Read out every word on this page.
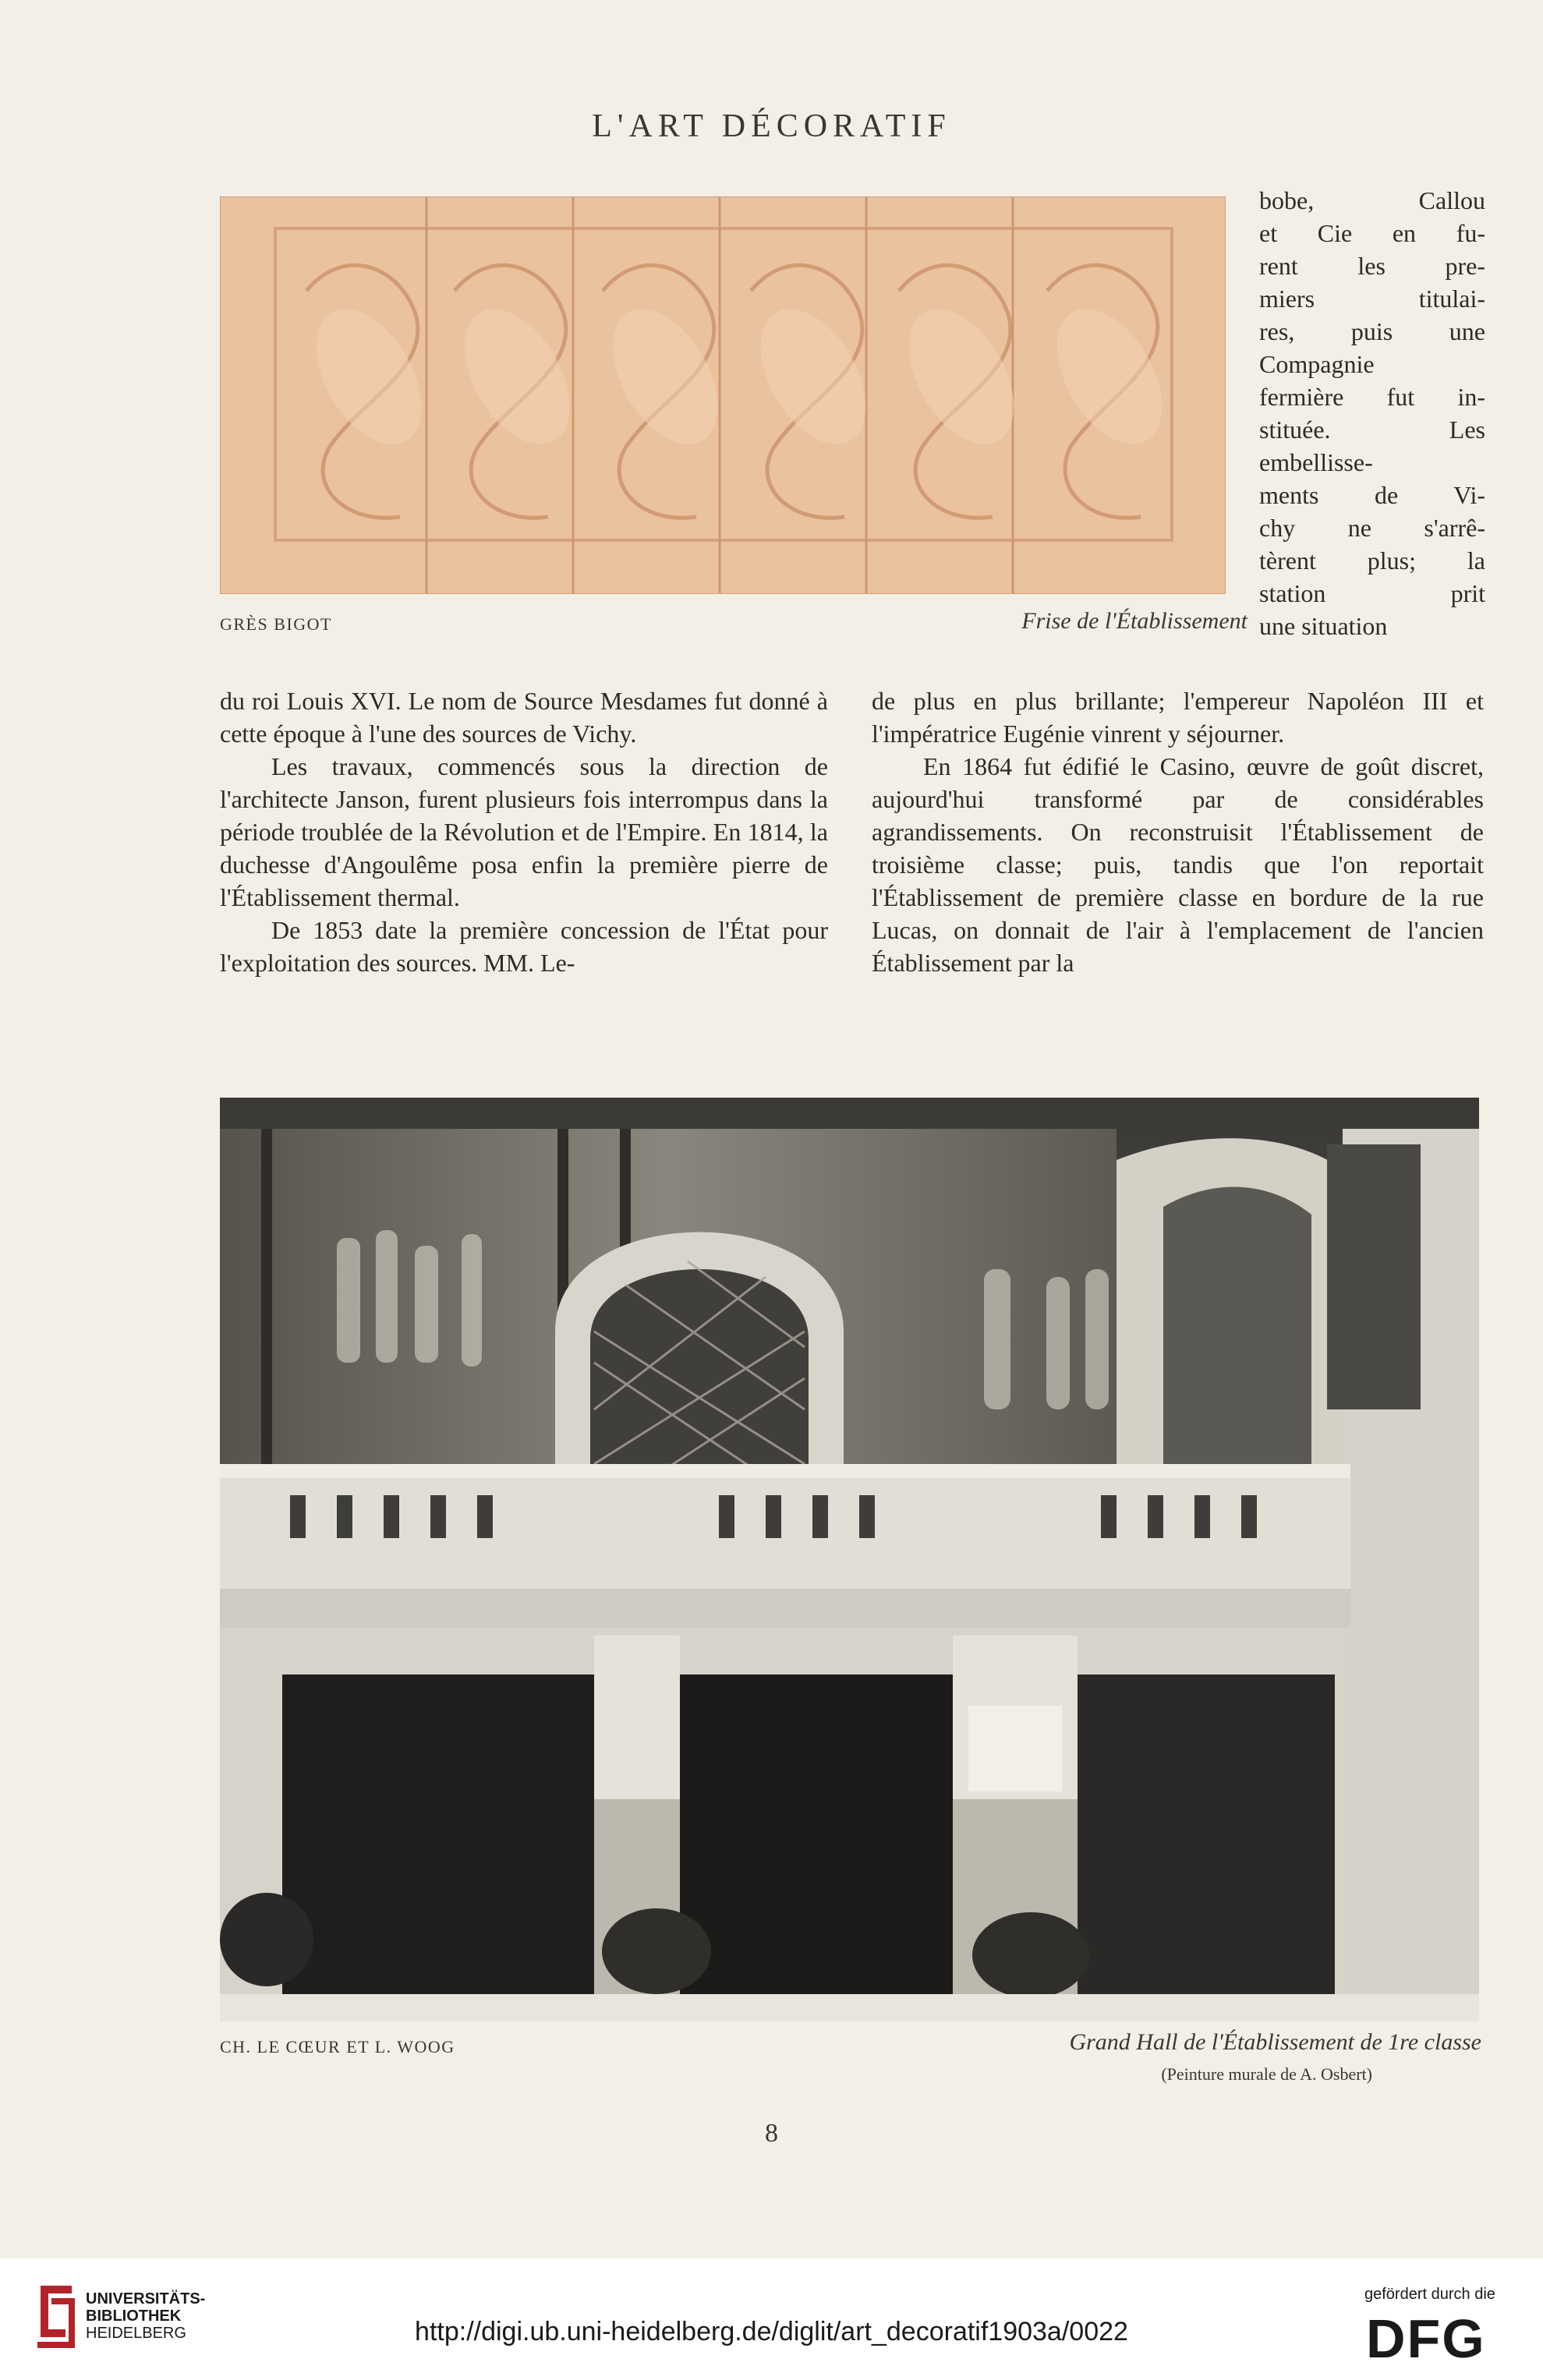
L'ART DÉCORATIF
GRÈS BIGOT	Frise de l'Établissement
bobe, Callou
et Cie en fu-
rent les pre-
miers titulai-
res, puis une
Compagnie
fermière fut in-
stituée. Les
embellisse-
ments de Vi-
chy ne s'arrê-
tèrent plus; la
station prit
une situation

du roi Louis XVI. Le nom de Source Mesdames fut donné à cette époque à l'une des sources de Vichy.

Les travaux, commencés sous la direction de l'architecte Janson, furent plusieurs fois interrompus dans la période troublée de la Révolution et de l'Empire. En 1814, la duchesse d'Angoulême posa enfin la première pierre de l'Établissement thermal.

De 1853 date la première concession de l'État pour l'exploitation des sources. MM. Le-

de plus en plus brillante; l'empereur Napoléon III et l'impératrice Eugénie vinrent y séjourner.

En 1864 fut édifié le Casino, œuvre de goût discret, aujourd'hui transformé par de considérables agrandissements. On reconstruisit l'Établissement de troisième classe; puis, tandis que l'on reportait l'Établissement de première classe en bordure de la rue Lucas, on donnait de l'air à l'emplacement de l'ancien Établissement par la

CH. LE CŒUR ET L. WOOG	Grand Hall de l'Établissement de 1re classe
(Peinture murale de A. Osbert)
8
UNIVERSITÄTS-
BIBLIOTHEK
HEIDELBERG	http://digi.ub.uni-heidelberg.de/diglit/art_decoratif1903a/0022
gefördert durch die
DFG
